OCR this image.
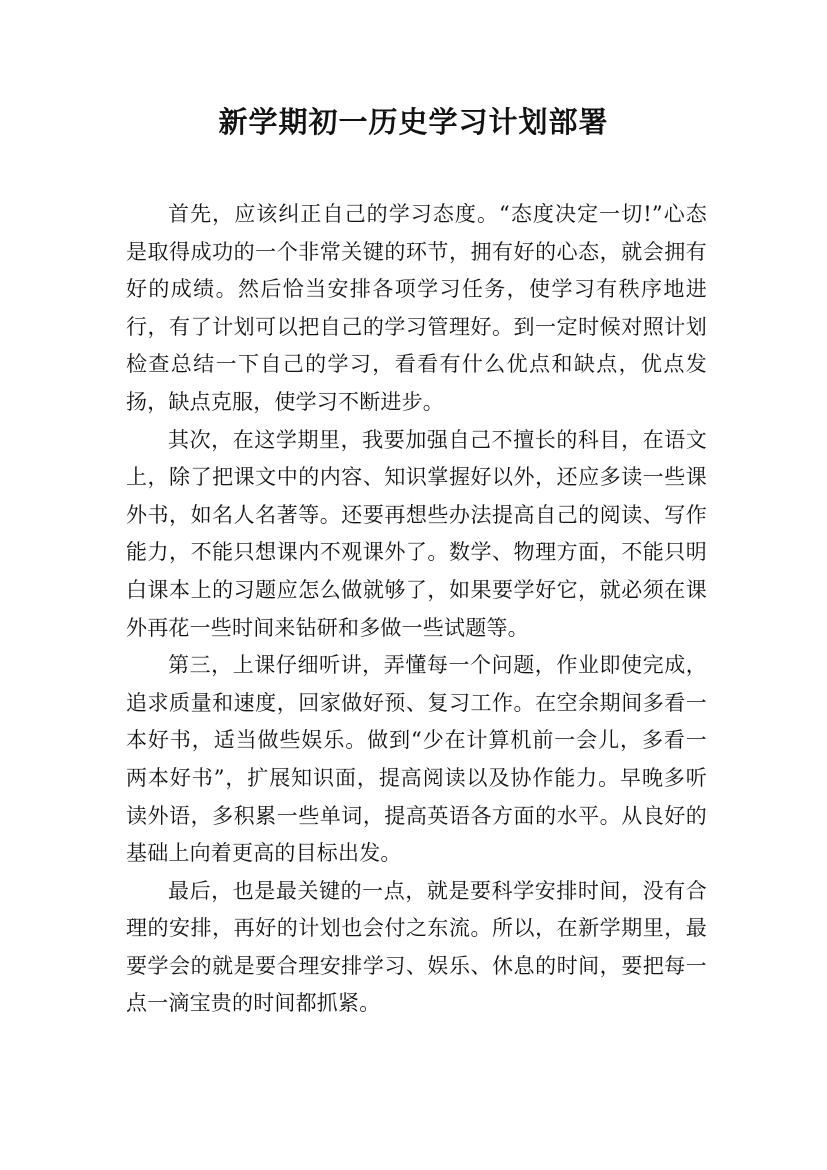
新学期初一历史学习计划部署

首先，应该纠正自己的学习态度。“态度决定一切!”心态是取得成功的一个非常关键的环节，拥有好的心态，就会拥有好的成绩。然后恰当安排各项学习任务，使学习有秩序地进行，有了计划可以把自己的学习管理好。到一定时候对照计划检查总结一下自己的学习，看看有什么优点和缺点，优点发扬，缺点克服，使学习不断进步。

其次，在这学期里，我要加强自己不擅长的科目，在语文上，除了把课文中的内容、知识掌握好以外，还应多读一些课外书，如名人名著等。还要再想些办法提高自己的阅读、写作能力，不能只想课内不观课外了。数学、物理方面，不能只明白课本上的习题应怎么做就够了，如果要学好它，就必须在课外再花一些时间来钻研和多做一些试题等。

第三，上课仔细听讲，弄懂每一个问题，作业即使完成，追求质量和速度，回家做好预、复习工作。在空余期间多看一本好书，适当做些娱乐。做到“少在计算机前一会儿，多看一两本好书”，扩展知识面，提高阅读以及协作能力。早晚多听读外语，多积累一些单词，提高英语各方面的水平。从良好的基础上向着更高的目标出发。

最后，也是最关键的一点，就是要科学安排时间，没有合理的安排，再好的计划也会付之东流。所以，在新学期里，最要学会的就是要合理安排学习、娱乐、休息的时间，要把每一点一滴宝贵的时间都抓紧。
